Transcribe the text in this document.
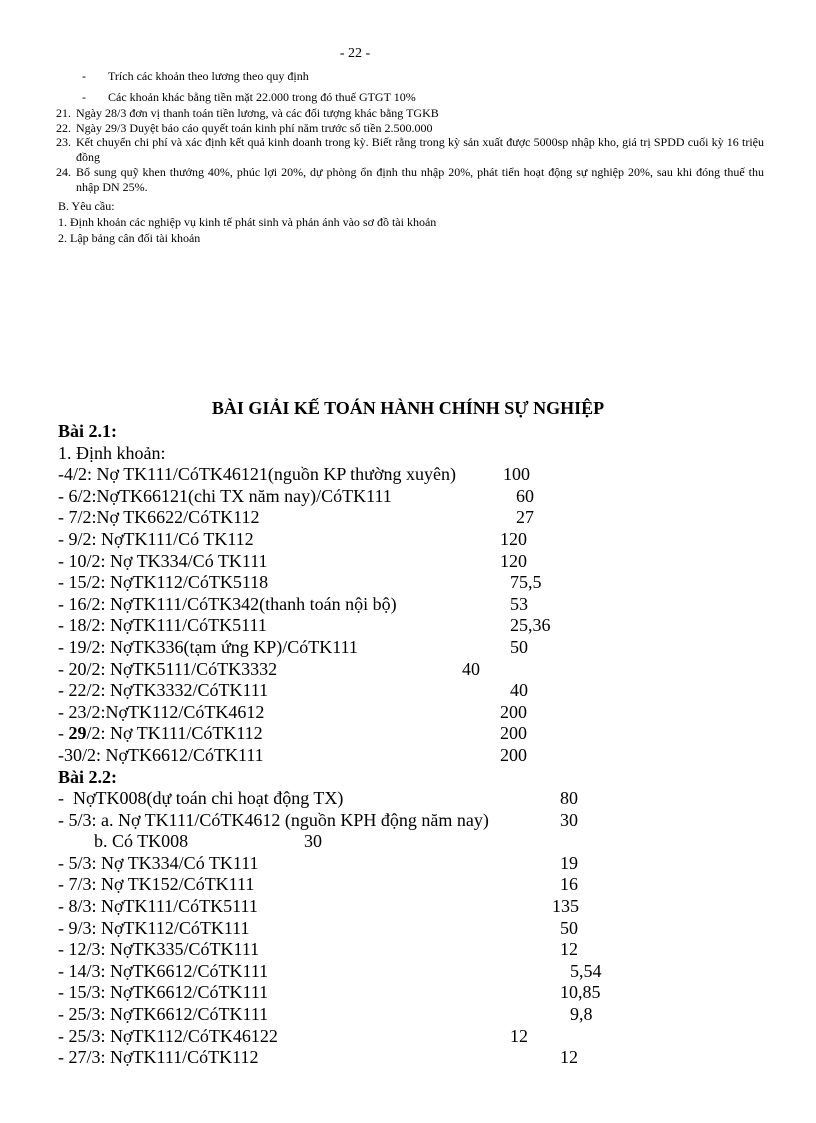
- 22 -
-	Trích các khoản theo lương theo quy định
-	Các khoản khác bằng tiền mặt 22.000 trong đó thuế GTGT 10%
21. Ngày 28/3 đơn vị thanh toán tiền lương, và các đối tượng khác bằng TGKB
22. Ngày 29/3 Duyệt báo cáo quyết toán kinh phí năm trước số tiền 2.500.000
23. Kết chuyển chi phí và xác định kết quả kinh doanh trong kỳ. Biết rằng trong kỳ sản xuất được 5000sp nhập kho, giá trị SPDD cuối kỳ 16 triệu đồng
24. Bổ sung quỹ khen thưởng 40%, phúc lợi 20%, dự phòng ổn định thu nhập 20%, phát tiển hoạt động sự nghiệp 20%, sau khi đóng thuế thu nhập DN 25%.
B. Yêu cầu:
1. Định khoản các nghiệp vụ kinh tế phát sinh và phản ánh vào sơ đồ tài khoản
2. Lập bảng cân đối tài khoản
BÀI GIẢI KẾ TOÁN HÀNH CHÍNH SỰ NGHIỆP
Bài 2.1:
1. Định khoản:
-4/2: Nợ TK111/CóTK46121(nguồn KP thường xuyên)	100
- 6/2:NợTK66121(chi TX năm nay)/CóTK111	60
- 7/2:Nợ TK6622/CóTK112	27
- 9/2: NợTK111/Có TK112	120
- 10/2: Nợ TK334/Có TK111	120
- 15/2: NợTK112/CóTK5118	75,5
- 16/2: NợTK111/CóTK342(thanh toán nội bộ)	53
- 18/2: NợTK111/CóTK5111	25,36
- 19/2: NợTK336(tạm ứng KP)/CóTK111	50
- 20/2: NợTK5111/CóTK3332	40
- 22/2: NợTK3332/CóTK111	40
- 23/2:NợTK112/CóTK4612	200
- 29/2: Nợ TK111/CóTK112	200
-30/2: NợTK6612/CóTK111	200
Bài 2.2:
-  NợTK008(dự toán chi hoạt động TX)	80
- 5/3: a. Nợ TK111/CóTK4612 (nguồn KPH động năm nay)	30
b. Có TK008	30
- 5/3: Nợ TK334/Có TK111	19
- 7/3: Nợ TK152/CóTK111	16
- 8/3: NợTK111/CóTK5111	135
- 9/3: NợTK112/CóTK111	50
- 12/3: NợTK335/CóTK111	12
- 14/3: NợTK6612/CóTK111	5,54
- 15/3: NợTK6612/CóTK111	10,85
- 25/3: NợTK6612/CóTK111	9,8
- 25/3: NợTK112/CóTK46122	12
- 27/3: NợTK111/CóTK112	12
